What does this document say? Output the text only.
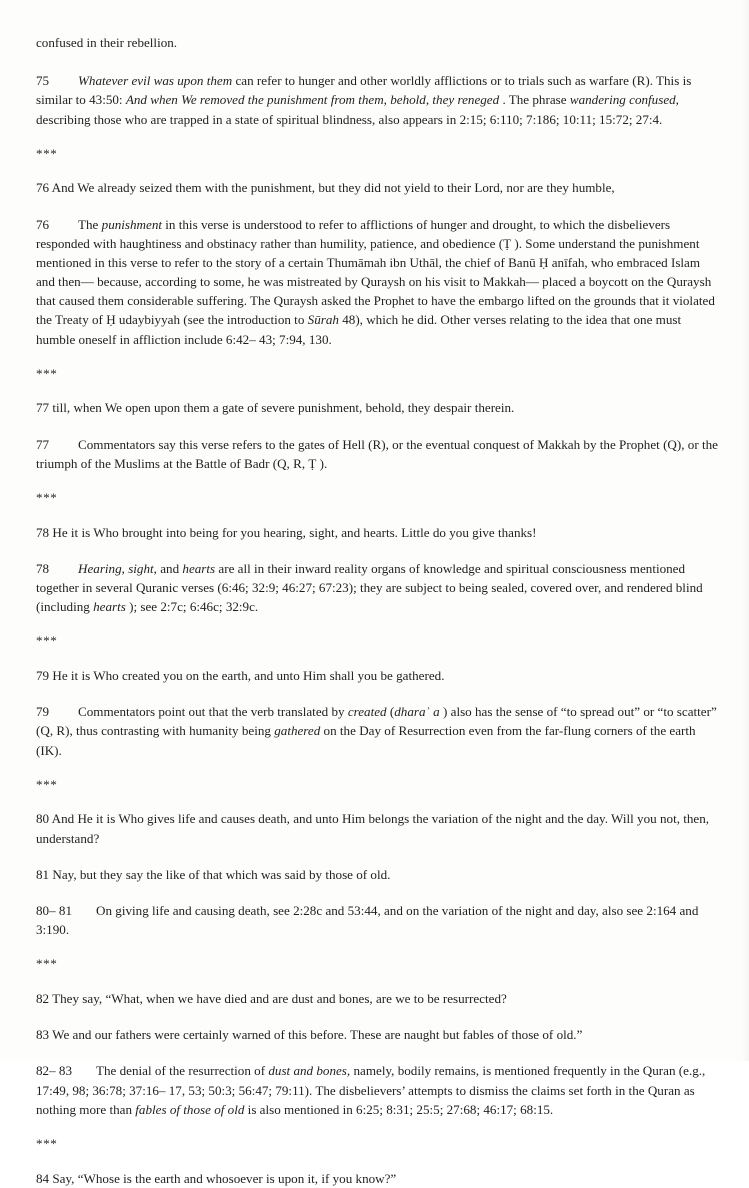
confused in their rebellion.

75 Whatever evil was upon them can refer to hunger and other worldly afflictions or to trials such as warfare (R). This is similar to 43:50: And when We removed the punishment from them, behold, they reneged . The phrase wandering confused, describing those who are trapped in a state of spiritual blindness, also appears in 2:15; 6:110; 7:186; 10:11; 15:72; 27:4.

***

76 And We already seized them with the punishment, but they did not yield to their Lord, nor are they humble,

76 The punishment in this verse is understood to refer to afflictions of hunger and drought, to which the disbelievers responded with haughtiness and obstinacy rather than humility, patience, and obedience (Ṭ ). Some understand the punishment mentioned in this verse to refer to the story of a certain Thumāmah ibn Uthāl, the chief of Banū Ḥ anīfah, who embraced Islam and then— because, according to some, he was mistreated by Quraysh on his visit to Makkah— placed a boycott on the Quraysh that caused them considerable suffering. The Quraysh asked the Prophet to have the embargo lifted on the grounds that it violated the Treaty of Ḥ udaybiyyah (see the introduction to Sūrah 48), which he did. Other verses relating to the idea that one must humble oneself in affliction include 6:42– 43; 7:94, 130.

***

77 till, when We open upon them a gate of severe punishment, behold, they despair therein.

77 Commentators say this verse refers to the gates of Hell (R), or the eventual conquest of Makkah by the Prophet (Q), or the triumph of the Muslims at the Battle of Badr (Q, R, Ṭ ).

***

78 He it is Who brought into being for you hearing, sight, and hearts. Little do you give thanks!

78 Hearing, sight, and hearts are all in their inward reality organs of knowledge and spiritual consciousness mentioned together in several Quranic verses (6:46; 32:9; 46:27; 67:23); they are subject to being sealed, covered over, and rendered blind (including hearts ); see 2:7c; 6:46c; 32:9c.

***

79 He it is Who created you on the earth, and unto Him shall you be gathered.

79 Commentators point out that the verb translated by created (dharaʾ a ) also has the sense of “to spread out” or “to scatter” (Q, R), thus contrasting with humanity being gathered on the Day of Resurrection even from the far-flung corners of the earth (IK).

***

80 And He it is Who gives life and causes death, and unto Him belongs the variation of the night and the day. Will you not, then, understand?

81 Nay, but they say the like of that which was said by those of old.

80– 81 On giving life and causing death, see 2:28c and 53:44, and on the variation of the night and day, also see 2:164 and 3:190.

***

82 They say, “What, when we have died and are dust and bones, are we to be resurrected?

83 We and our fathers were certainly warned of this before. These are naught but fables of those of old.”

82– 83 The denial of the resurrection of dust and bones, namely, bodily remains, is mentioned frequently in the Quran (e.g., 17:49, 98; 36:78; 37:16– 17, 53; 50:3; 56:47; 79:11). The disbelievers’ attempts to dismiss the claims set forth in the Quran as nothing more than fables of those of old is also mentioned in 6:25; 8:31; 25:5; 27:68; 46:17; 68:15.

***

84 Say, “Whose is the earth and whosoever is upon it, if you know?”
